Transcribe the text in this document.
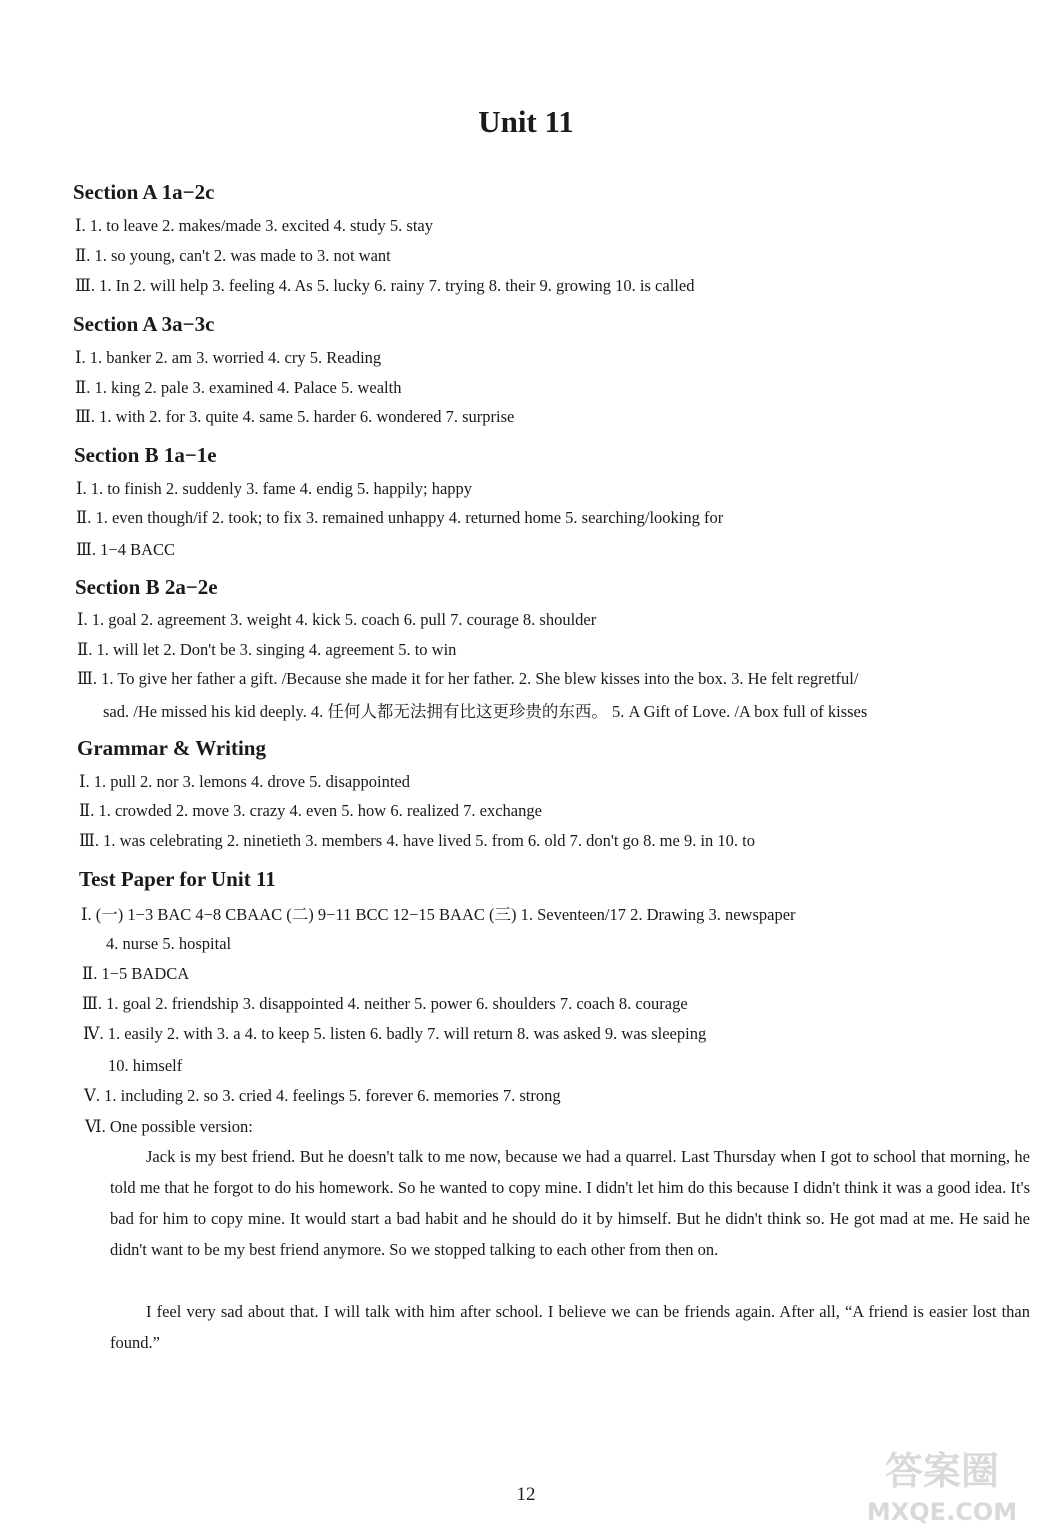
Unit 11
Section A 1a−2c
Ⅰ. 1. to leave 2. makes/made 3. excited 4. study 5. stay
Ⅱ. 1. so young, can't 2. was made to 3. not want
Ⅲ. 1. In 2. will help 3. feeling 4. As 5. lucky 6. rainy 7. trying 8. their 9. growing 10. is called
Section A 3a−3c
Ⅰ. 1. banker 2. am 3. worried 4. cry 5. Reading
Ⅱ. 1. king 2. pale 3. examined 4. Palace 5. wealth
Ⅲ. 1. with 2. for 3. quite 4. same 5. harder 6. wondered 7. surprise
Section B 1a−1e
Ⅰ. 1. to finish 2. suddenly 3. fame 4. endig 5. happily; happy
Ⅱ. 1. even though/if 2. took; to fix 3. remained unhappy 4. returned home 5. searching/looking for
Ⅲ. 1−4 BACC
Section B 2a−2e
Ⅰ. 1. goal 2. agreement 3. weight 4. kick 5. coach 6. pull 7. courage 8. shoulder
Ⅱ. 1. will let 2. Don't be 3. singing 4. agreement 5. to win
Ⅲ. 1. To give her father a gift. /Because she made it for her father. 2. She blew kisses into the box. 3. He felt regretful/
sad. /He missed his kid deeply. 4. 任何人都无法拥有比这更珍贵的东西。 5. A Gift of Love. /A box full of kisses
Grammar & Writing
Ⅰ. 1. pull 2. nor 3. lemons 4. drove 5. disappointed
Ⅱ. 1. crowded 2. move 3. crazy 4. even 5. how 6. realized 7. exchange
Ⅲ. 1. was celebrating 2. ninetieth 3. members 4. have lived 5. from 6. old 7. don't go 8. me 9. in 10. to
Test Paper for Unit 11
Ⅰ. (一) 1−3 BAC 4−8 CBAAC (二) 9−11 BCC 12−15 BAAC (三) 1. Seventeen/17 2. Drawing 3. newspaper
4. nurse 5. hospital
Ⅱ. 1−5 BADCA
Ⅲ. 1. goal 2. friendship 3. disappointed 4. neither 5. power 6. shoulders 7. coach 8. courage
Ⅳ. 1. easily 2. with 3. a 4. to keep 5. listen 6. badly 7. will return 8. was asked 9. was sleeping
10. himself
Ⅴ. 1. including 2. so 3. cried 4. feelings 5. forever 6. memories 7. strong
Ⅵ. One possible version:
Jack is my best friend. But he doesn't talk to me now, because we had a quarrel. Last Thursday when I got to school that morning, he told me that he forgot to do his homework. So he wanted to copy mine. I didn't let him do this because I didn't think it was a good idea. It's bad for him to copy mine. It would start a bad habit and he should do it by himself. But he didn't think so. He got mad at me. He said he didn't want to be my best friend anymore. So we stopped talking to each other from then on.
I feel very sad about that. I will talk with him after school. I believe we can be friends again. After all, “A friend is easier lost than found.”
12
答案圈
MXQE.COM
